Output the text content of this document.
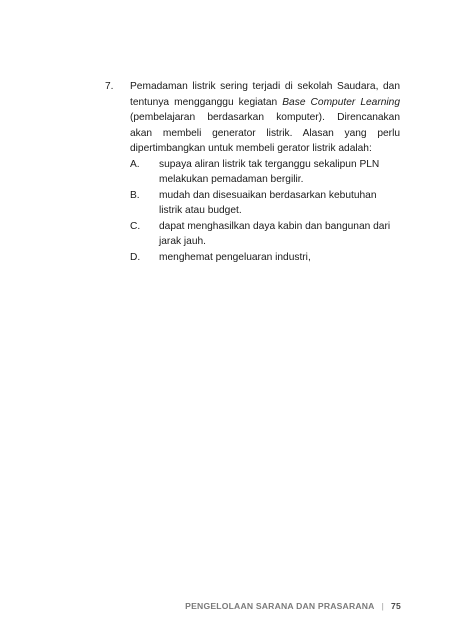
7.	Pemadaman listrik sering terjadi di sekolah Saudara, dan
tentunya mengganggu kegiatan Base Computer Learning
(pembelajaran berdasarkan komputer). Direncanakan
akan membeli generator listrik. Alasan yang perlu
dipertimbangkan untuk membeli gerator listrik adalah:
A.	supaya aliran listrik tak terganggu sekalipun PLN melakukan pemadaman bergilir.
B.	mudah dan disesuaikan berdasarkan kebutuhan listrik atau budget.
C.	dapat menghasilkan daya kabin dan bangunan dari jarak jauh.
D.	menghemat pengeluaran industri,
PENGELOLAAN SARANA DAN PRASARANA | 75
